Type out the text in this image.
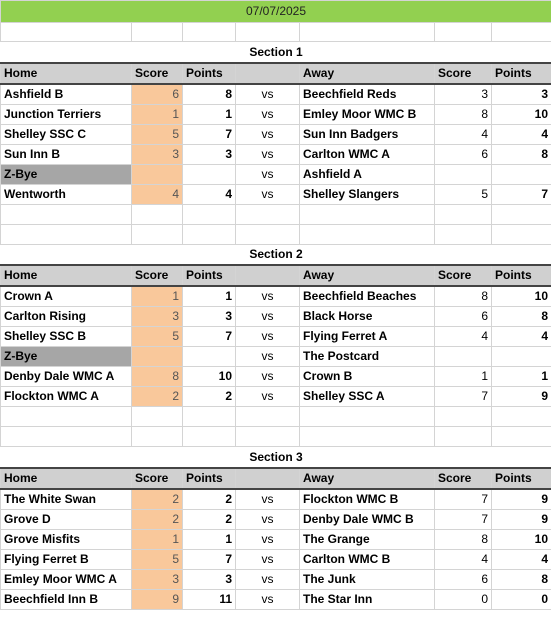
07/07/2025						

Section 1						
Home	Score	Points		Away	Score	Points
Ashfield B	6	8	vs	Beechfield Reds	3	3
Junction Terriers	1	1	vs	Emley Moor WMC B	8	10
Shelley SSC C	5	7	vs	Sun Inn Badgers	4	4
Sun Inn B	3	3	vs	Carlton WMC A	6	8
Z-Bye			vs	Ashfield A		
Wentworth	4	4	vs	Shelley Slangers	5	7

Section 2						
Home	Score	Points		Away	Score	Points
Crown A	1	1	vs	Beechfield Beaches	8	10
Carlton Rising	3	3	vs	Black Horse	6	8
Shelley SSC B	5	7	vs	Flying Ferret A	4	4
Z-Bye			vs	The Postcard		
Denby Dale WMC A	8	10	vs	Crown B	1	1
Flockton WMC A	2	2	vs	Shelley SSC A	7	9

Section 3						
Home	Score	Points		Away	Score	Points
The White Swan	2	2	vs	Flockton WMC B	7	9
Grove D	2	2	vs	Denby Dale WMC B	7	9
Grove Misfits	1	1	vs	The Grange	8	10
Flying Ferret B	5	7	vs	Carlton WMC B	4	4
Emley Moor WMC A	3	3	vs	The Junk	6	8
Beechfield Inn B	9	11	vs	The Star Inn	0	0
